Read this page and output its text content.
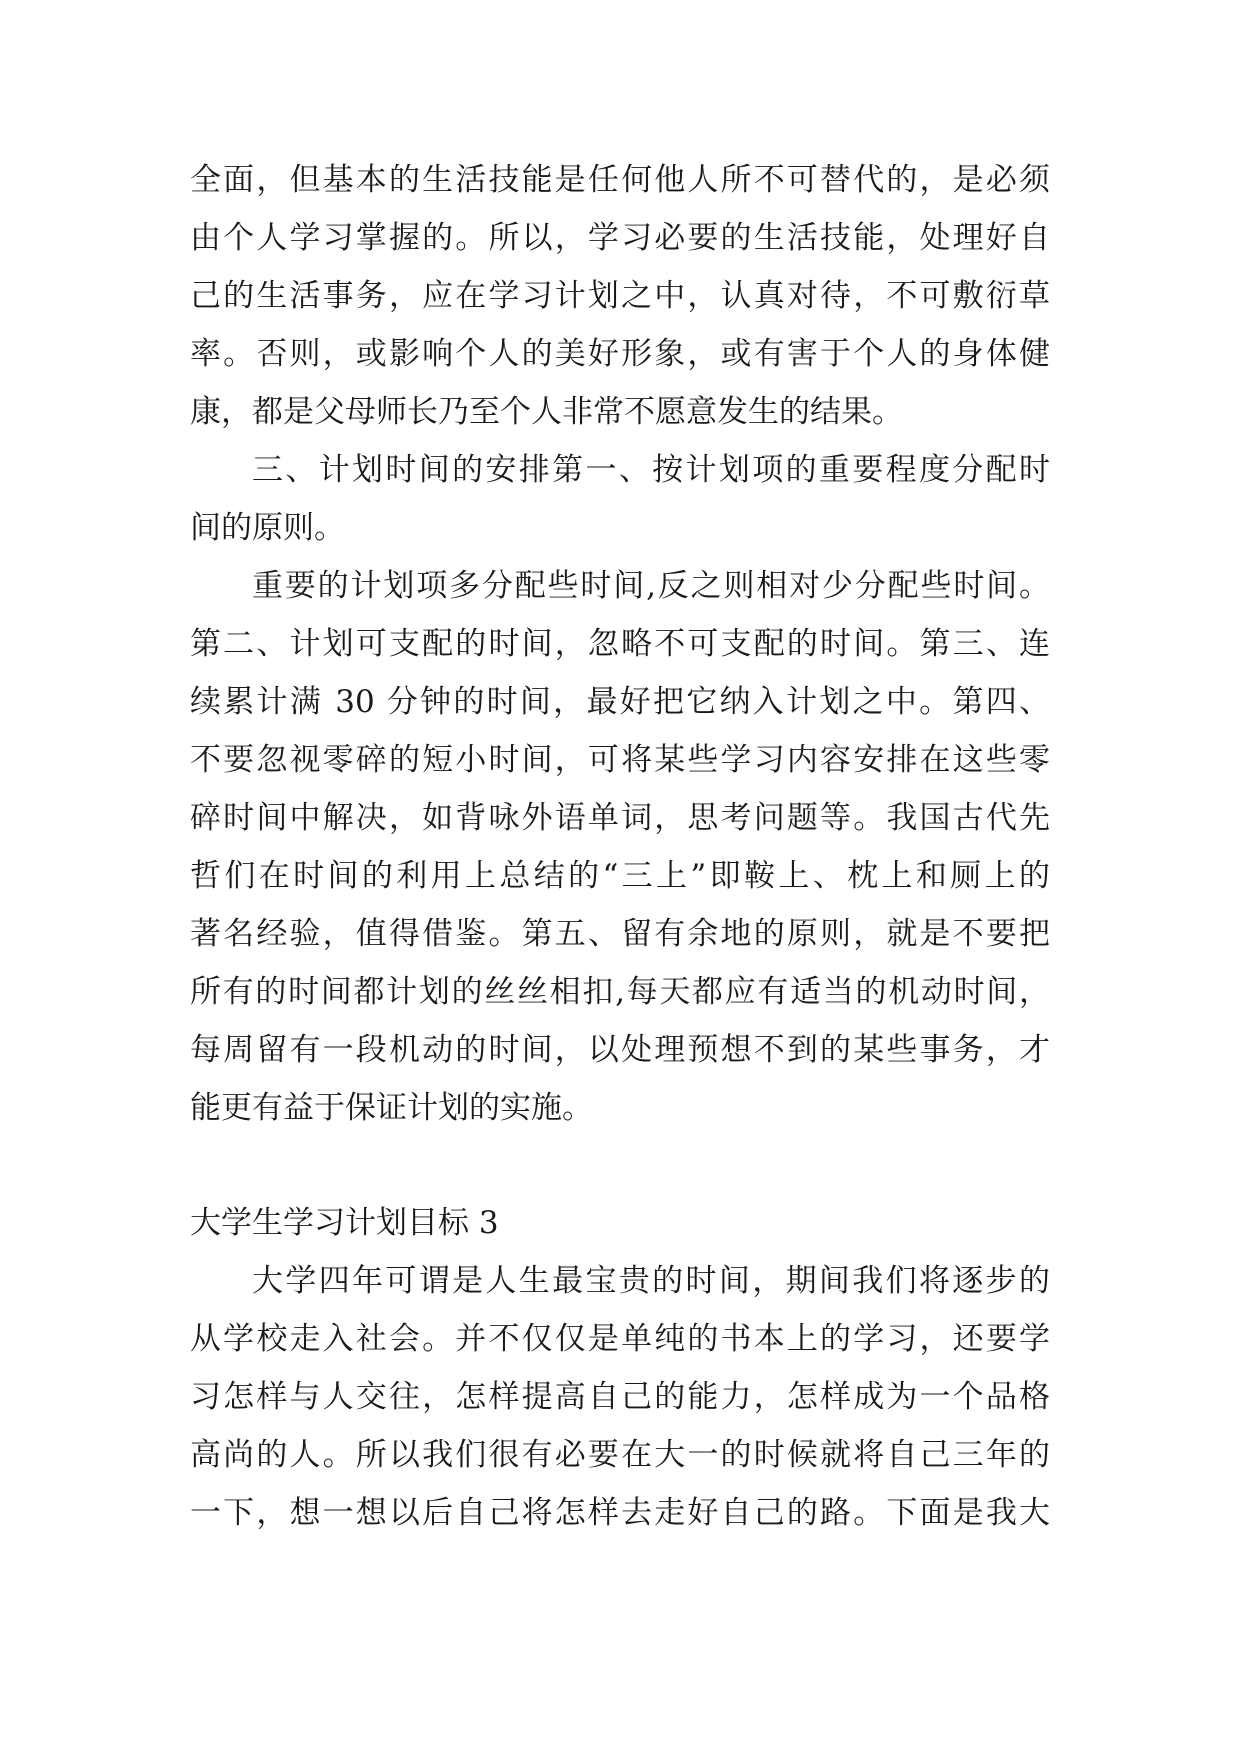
全面，但基本的生活技能是任何他人所不可替代的，是必须
由个人学习掌握的。所以，学习必要的生活技能，处理好自
己的生活事务，应在学习计划之中，认真对待，不可敷衍草
率。否则，或影响个人的美好形象，或有害于个人的身体健
康，都是父母师长乃至个人非常不愿意发生的结果。
三、计划时间的安排第一、按计划项的重要程度分配时
间的原则。
重要的计划项多分配些时间,反之则相对少分配些时间。
第二、计划可支配的时间，忽略不可支配的时间。第三、连
续累计满 30 分钟的时间，最好把它纳入计划之中。第四、
不要忽视零碎的短小时间，可将某些学习内容安排在这些零
碎时间中解决，如背咏外语单词，思考问题等。我国古代先
哲们在时间的利用上总结的“三上”即鞍上、枕上和厕上的
著名经验，值得借鉴。第五、留有余地的原则，就是不要把
所有的时间都计划的丝丝相扣,每天都应有适当的机动时间，
每周留有一段机动的时间，以处理预想不到的某些事务，才
能更有益于保证计划的实施。
大学生学习计划目标 3
大学四年可谓是人生最宝贵的时间，期间我们将逐步的
从学校走入社会。并不仅仅是单纯的书本上的学习，还要学
习怎样与人交往，怎样提高自己的能力，怎样成为一个品格
高尚的人。所以我们很有必要在大一的时候就将自己三年的
一下，想一想以后自己将怎样去走好自己的路。下面是我大
